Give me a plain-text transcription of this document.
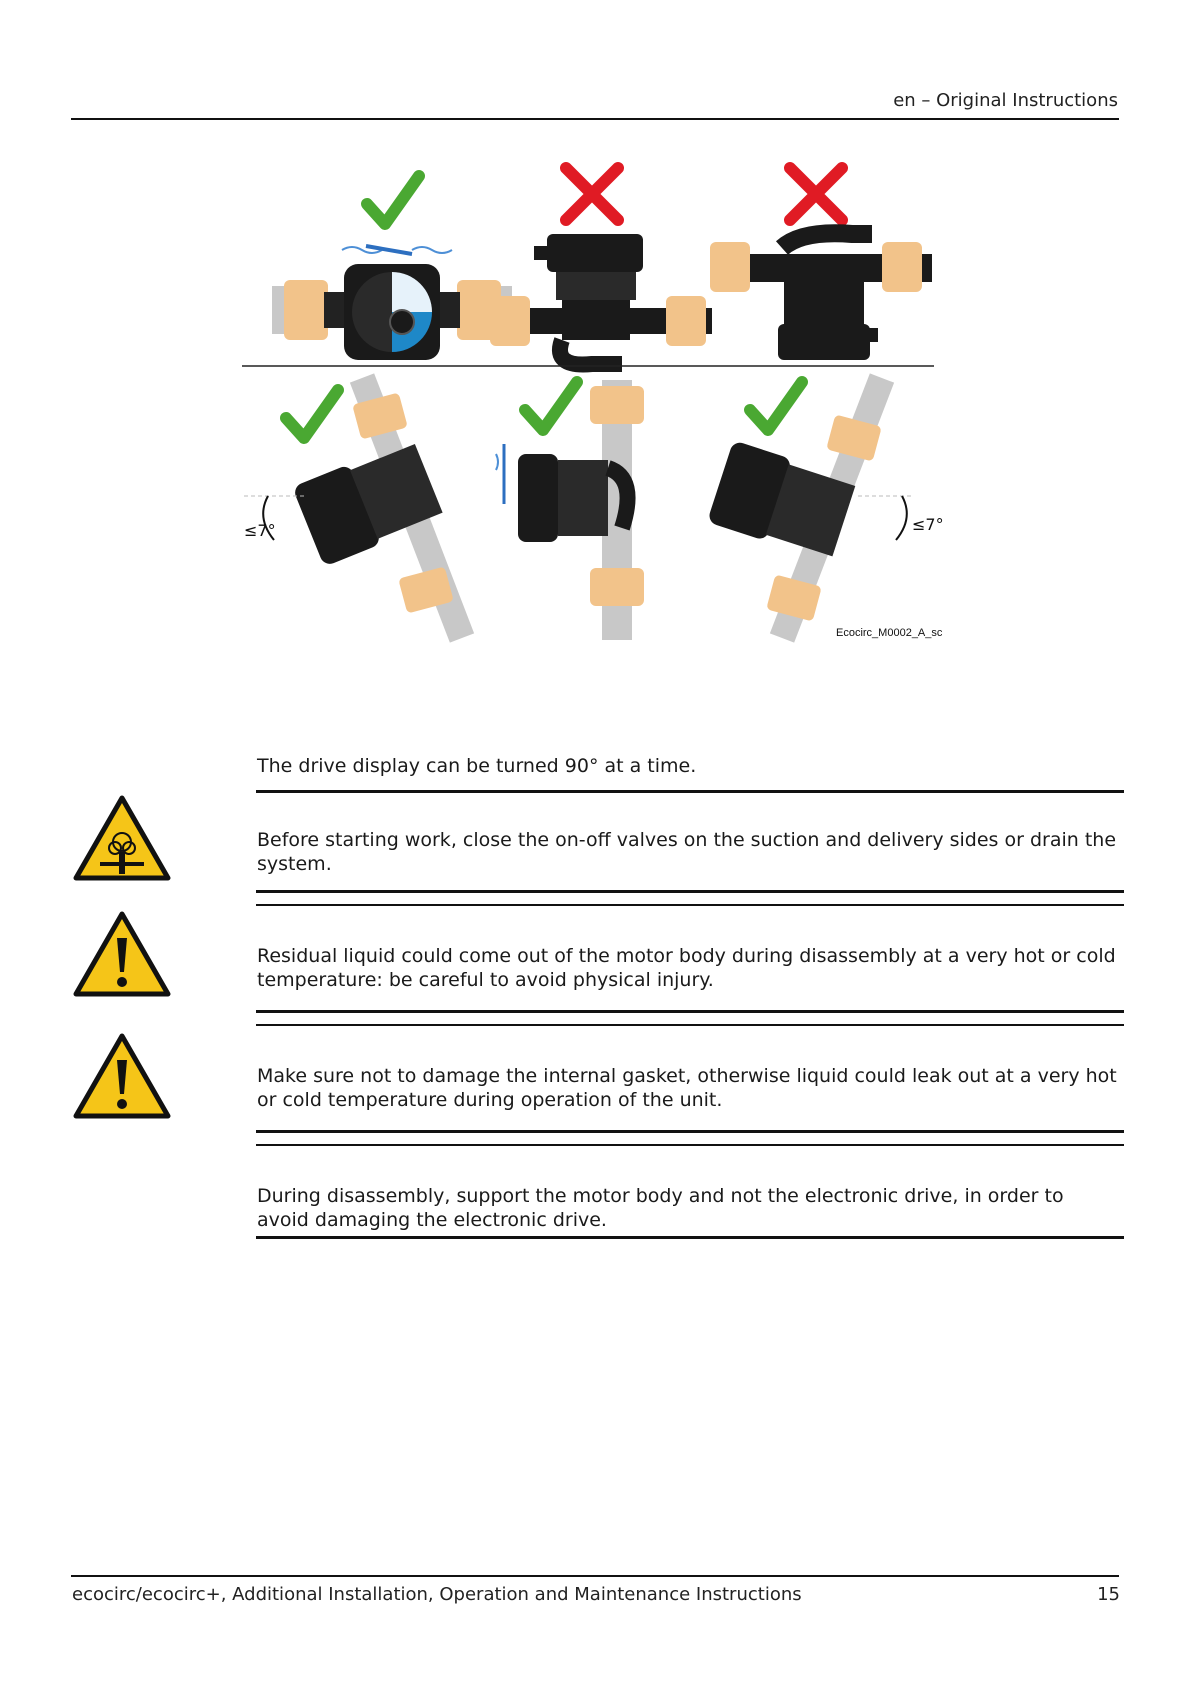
en – Original Instructions
≤7°	≤7°
Ecocirc_M0002_A_sc
The drive display can be turned 90° at a time.
Before starting work, close the on-off valves on the suction and delivery sides or drain the system.
Residual liquid could come out of the motor body during disassembly at a very hot or cold temperature: be careful to avoid physical injury.
Make sure not to damage the internal gasket, otherwise liquid could leak out at a very hot or cold temperature during operation of the unit.
During disassembly, support the motor body and not the electronic drive, in order to avoid damaging the electronic drive.
ecocirc/ecocirc+, Additional Installation, Operation and Maintenance Instructions	15
